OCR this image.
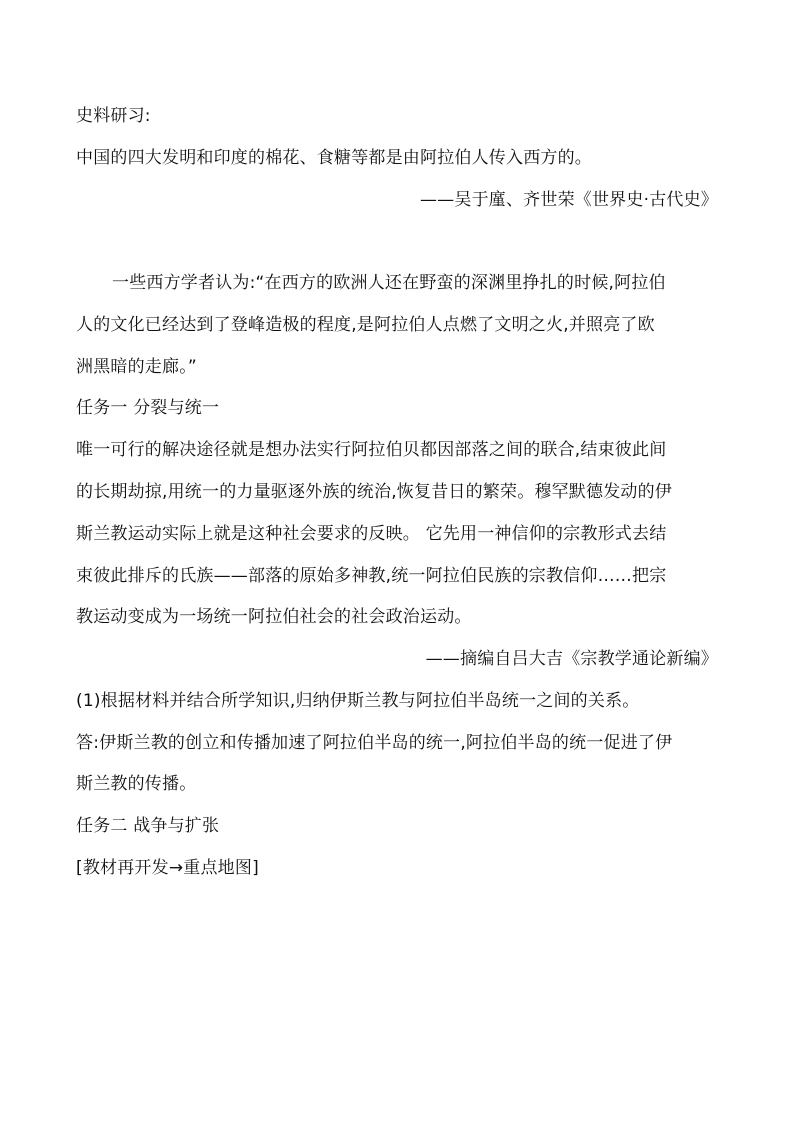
史料研习:
中国的四大发明和印度的棉花、食糖等都是由阿拉伯人传入西方的。
——吴于廑、齐世荣《世界史·古代史》
一些西方学者认为:“在西方的欧洲人还在野蛮的深渊里挣扎的时候,阿拉伯
人的文化已经达到了登峰造极的程度,是阿拉伯人点燃了文明之火,并照亮了欧
洲黑暗的走廊。”
任务一 分裂与统一
唯一可行的解决途径就是想办法实行阿拉伯贝都因部落之间的联合,结束彼此间
的长期劫掠,用统一的力量驱逐外族的统治,恢复昔日的繁荣。穆罕默德发动的伊
斯兰教运动实际上就是这种社会要求的反映。 它先用一神信仰的宗教形式去结
束彼此排斥的氏族——部落的原始多神教,统一阿拉伯民族的宗教信仰……把宗
教运动变成为一场统一阿拉伯社会的社会政治运动。
——摘编自吕大吉《宗教学通论新编》
(1)根据材料并结合所学知识,归纳伊斯兰教与阿拉伯半岛统一之间的关系。
答:伊斯兰教的创立和传播加速了阿拉伯半岛的统一,阿拉伯半岛的统一促进了伊
斯兰教的传播。
任务二 战争与扩张
[教材再开发→重点地图]
